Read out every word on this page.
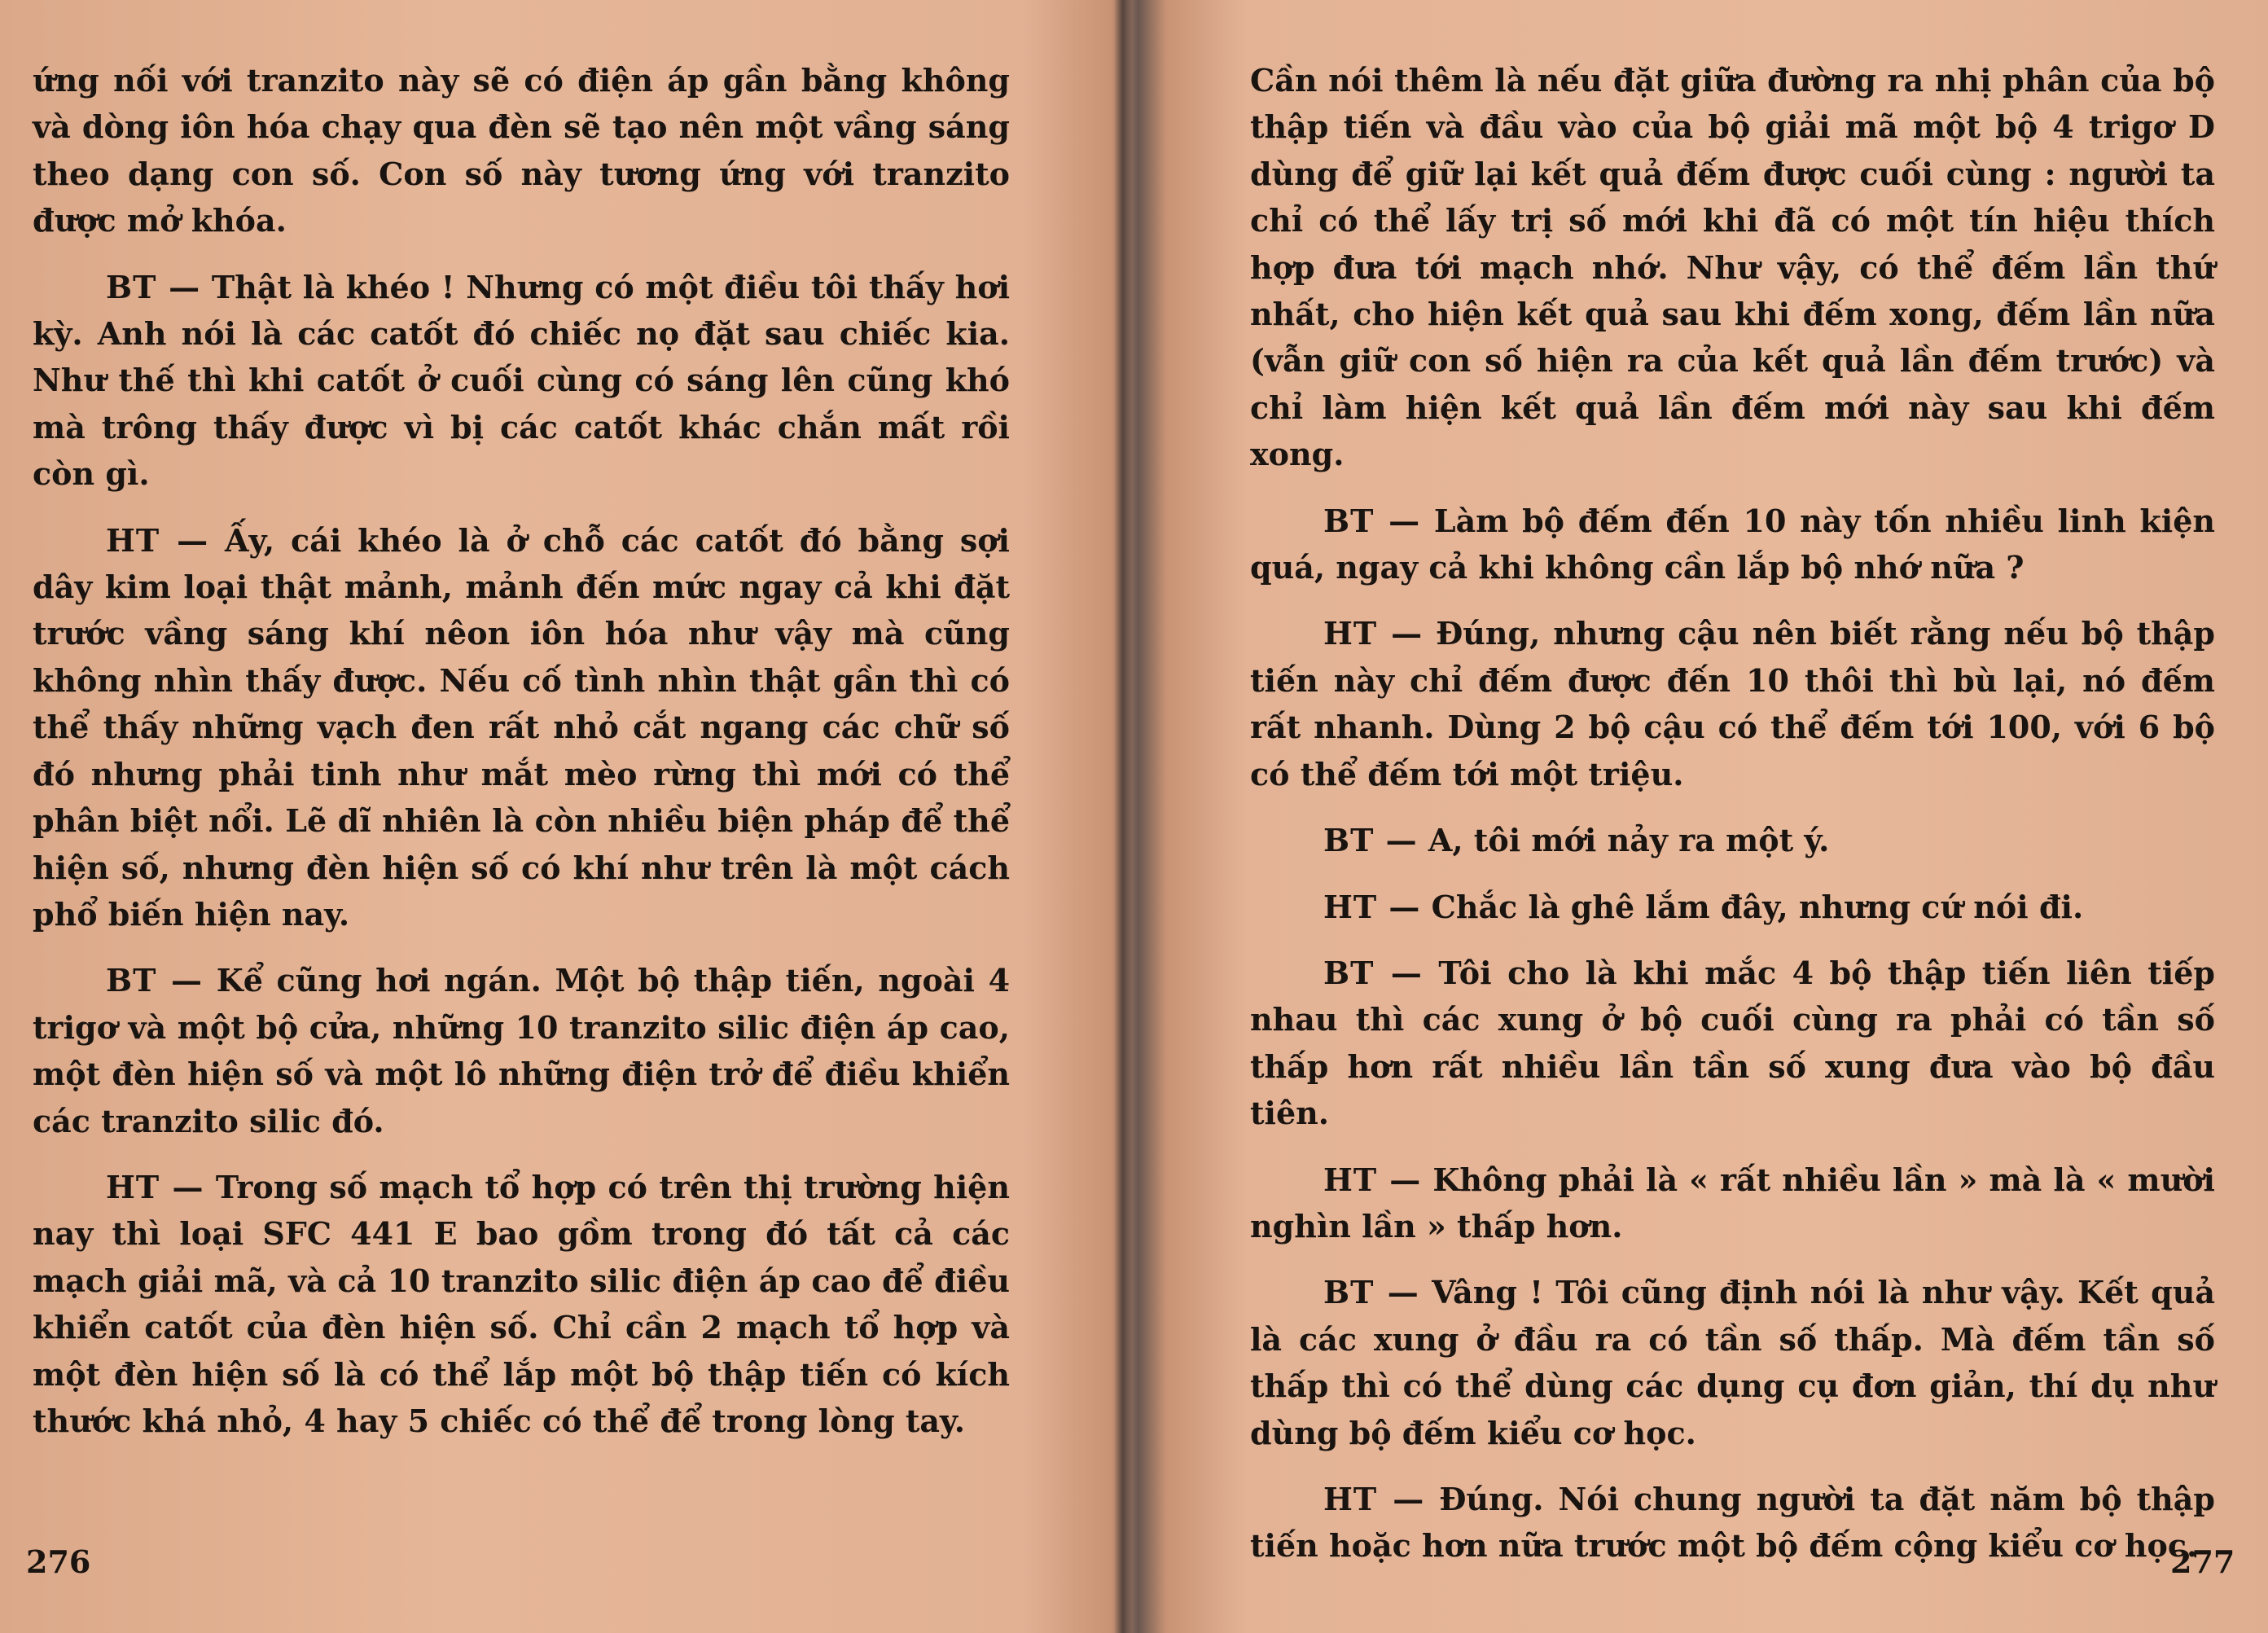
ứng nối với tranzito này sẽ có điện áp gần bằng không và dòng iôn hóa chạy qua đèn sẽ tạo nên một vầng sáng theo dạng con số. Con số này tương ứng với tranzito được mở khóa.

BT — Thật là khéo ! Nhưng có một điều tôi thấy hơi kỳ. Anh nói là các catốt đó chiếc nọ đặt sau chiếc kia. Như thế thì khi catốt ở cuối cùng có sáng lên cũng khó mà trông thấy được vì bị các catốt khác chắn mất rồi còn gì.

HT — Ấy, cái khéo là ở chỗ các catốt đó bằng sợi dây kim loại thật mảnh, mảnh đến mức ngay cả khi đặt trước vầng sáng khí nêon iôn hóa như vậy mà cũng không nhìn thấy được. Nếu cố tình nhìn thật gần thì có thể thấy những vạch đen rất nhỏ cắt ngang các chữ số đó nhưng phải tinh như mắt mèo rừng thì mới có thể phân biệt nổi. Lẽ dĩ nhiên là còn nhiều biện pháp để thể hiện số, nhưng đèn hiện số có khí như trên là một cách phổ biến hiện nay.

BT — Kể cũng hơi ngán. Một bộ thập tiến, ngoài 4 trigơ và một bộ cửa, những 10 tranzito silic điện áp cao, một đèn hiện số và một lô những điện trở để điều khiển các tranzito silic đó.

HT — Trong số mạch tổ hợp có trên thị trường hiện nay thì loại SFC 441 E bao gồm trong đó tất cả các mạch giải mã, và cả 10 tranzito silic điện áp cao để điều khiển catốt của đèn hiện số. Chỉ cần 2 mạch tổ hợp và một đèn hiện số là có thể lắp một bộ thập tiến có kích thước khá nhỏ, 4 hay 5 chiếc có thể để trong lòng tay.

276

Cần nói thêm là nếu đặt giữa đường ra nhị phân của bộ thập tiến và đầu vào của bộ giải mã một bộ 4 trigơ D dùng để giữ lại kết quả đếm được cuối cùng : người ta chỉ có thể lấy trị số mới khi đã có một tín hiệu thích hợp đưa tới mạch nhớ. Như vậy, có thể đếm lần thứ nhất, cho hiện kết quả sau khi đếm xong, đếm lần nữa (vẫn giữ con số hiện ra của kết quả lần đếm trước) và chỉ làm hiện kết quả lần đếm mới này sau khi đếm xong.

BT — Làm bộ đếm đến 10 này tốn nhiều linh kiện quá, ngay cả khi không cần lắp bộ nhớ nữa ?

HT — Đúng, nhưng cậu nên biết rằng nếu bộ thập tiến này chỉ đếm được đến 10 thôi thì bù lại, nó đếm rất nhanh. Dùng 2 bộ cậu có thể đếm tới 100, với 6 bộ có thể đếm tới một triệu.

BT — A, tôi mới nảy ra một ý.

HT — Chắc là ghê lắm đây, nhưng cứ nói đi.

BT — Tôi cho là khi mắc 4 bộ thập tiến liên tiếp nhau thì các xung ở bộ cuối cùng ra phải có tần số thấp hơn rất nhiều lần tần số xung đưa vào bộ đầu tiên.

HT — Không phải là « rất nhiều lần » mà là « mười nghìn lần » thấp hơn.

BT — Vâng ! Tôi cũng định nói là như vậy. Kết quả là các xung ở đầu ra có tần số thấp. Mà đếm tần số thấp thì có thể dùng các dụng cụ đơn giản, thí dụ như dùng bộ đếm kiểu cơ học.

HT — Đúng. Nói chung người ta đặt năm bộ thập tiến hoặc hơn nữa trước một bộ đếm cộng kiểu cơ học.

277
